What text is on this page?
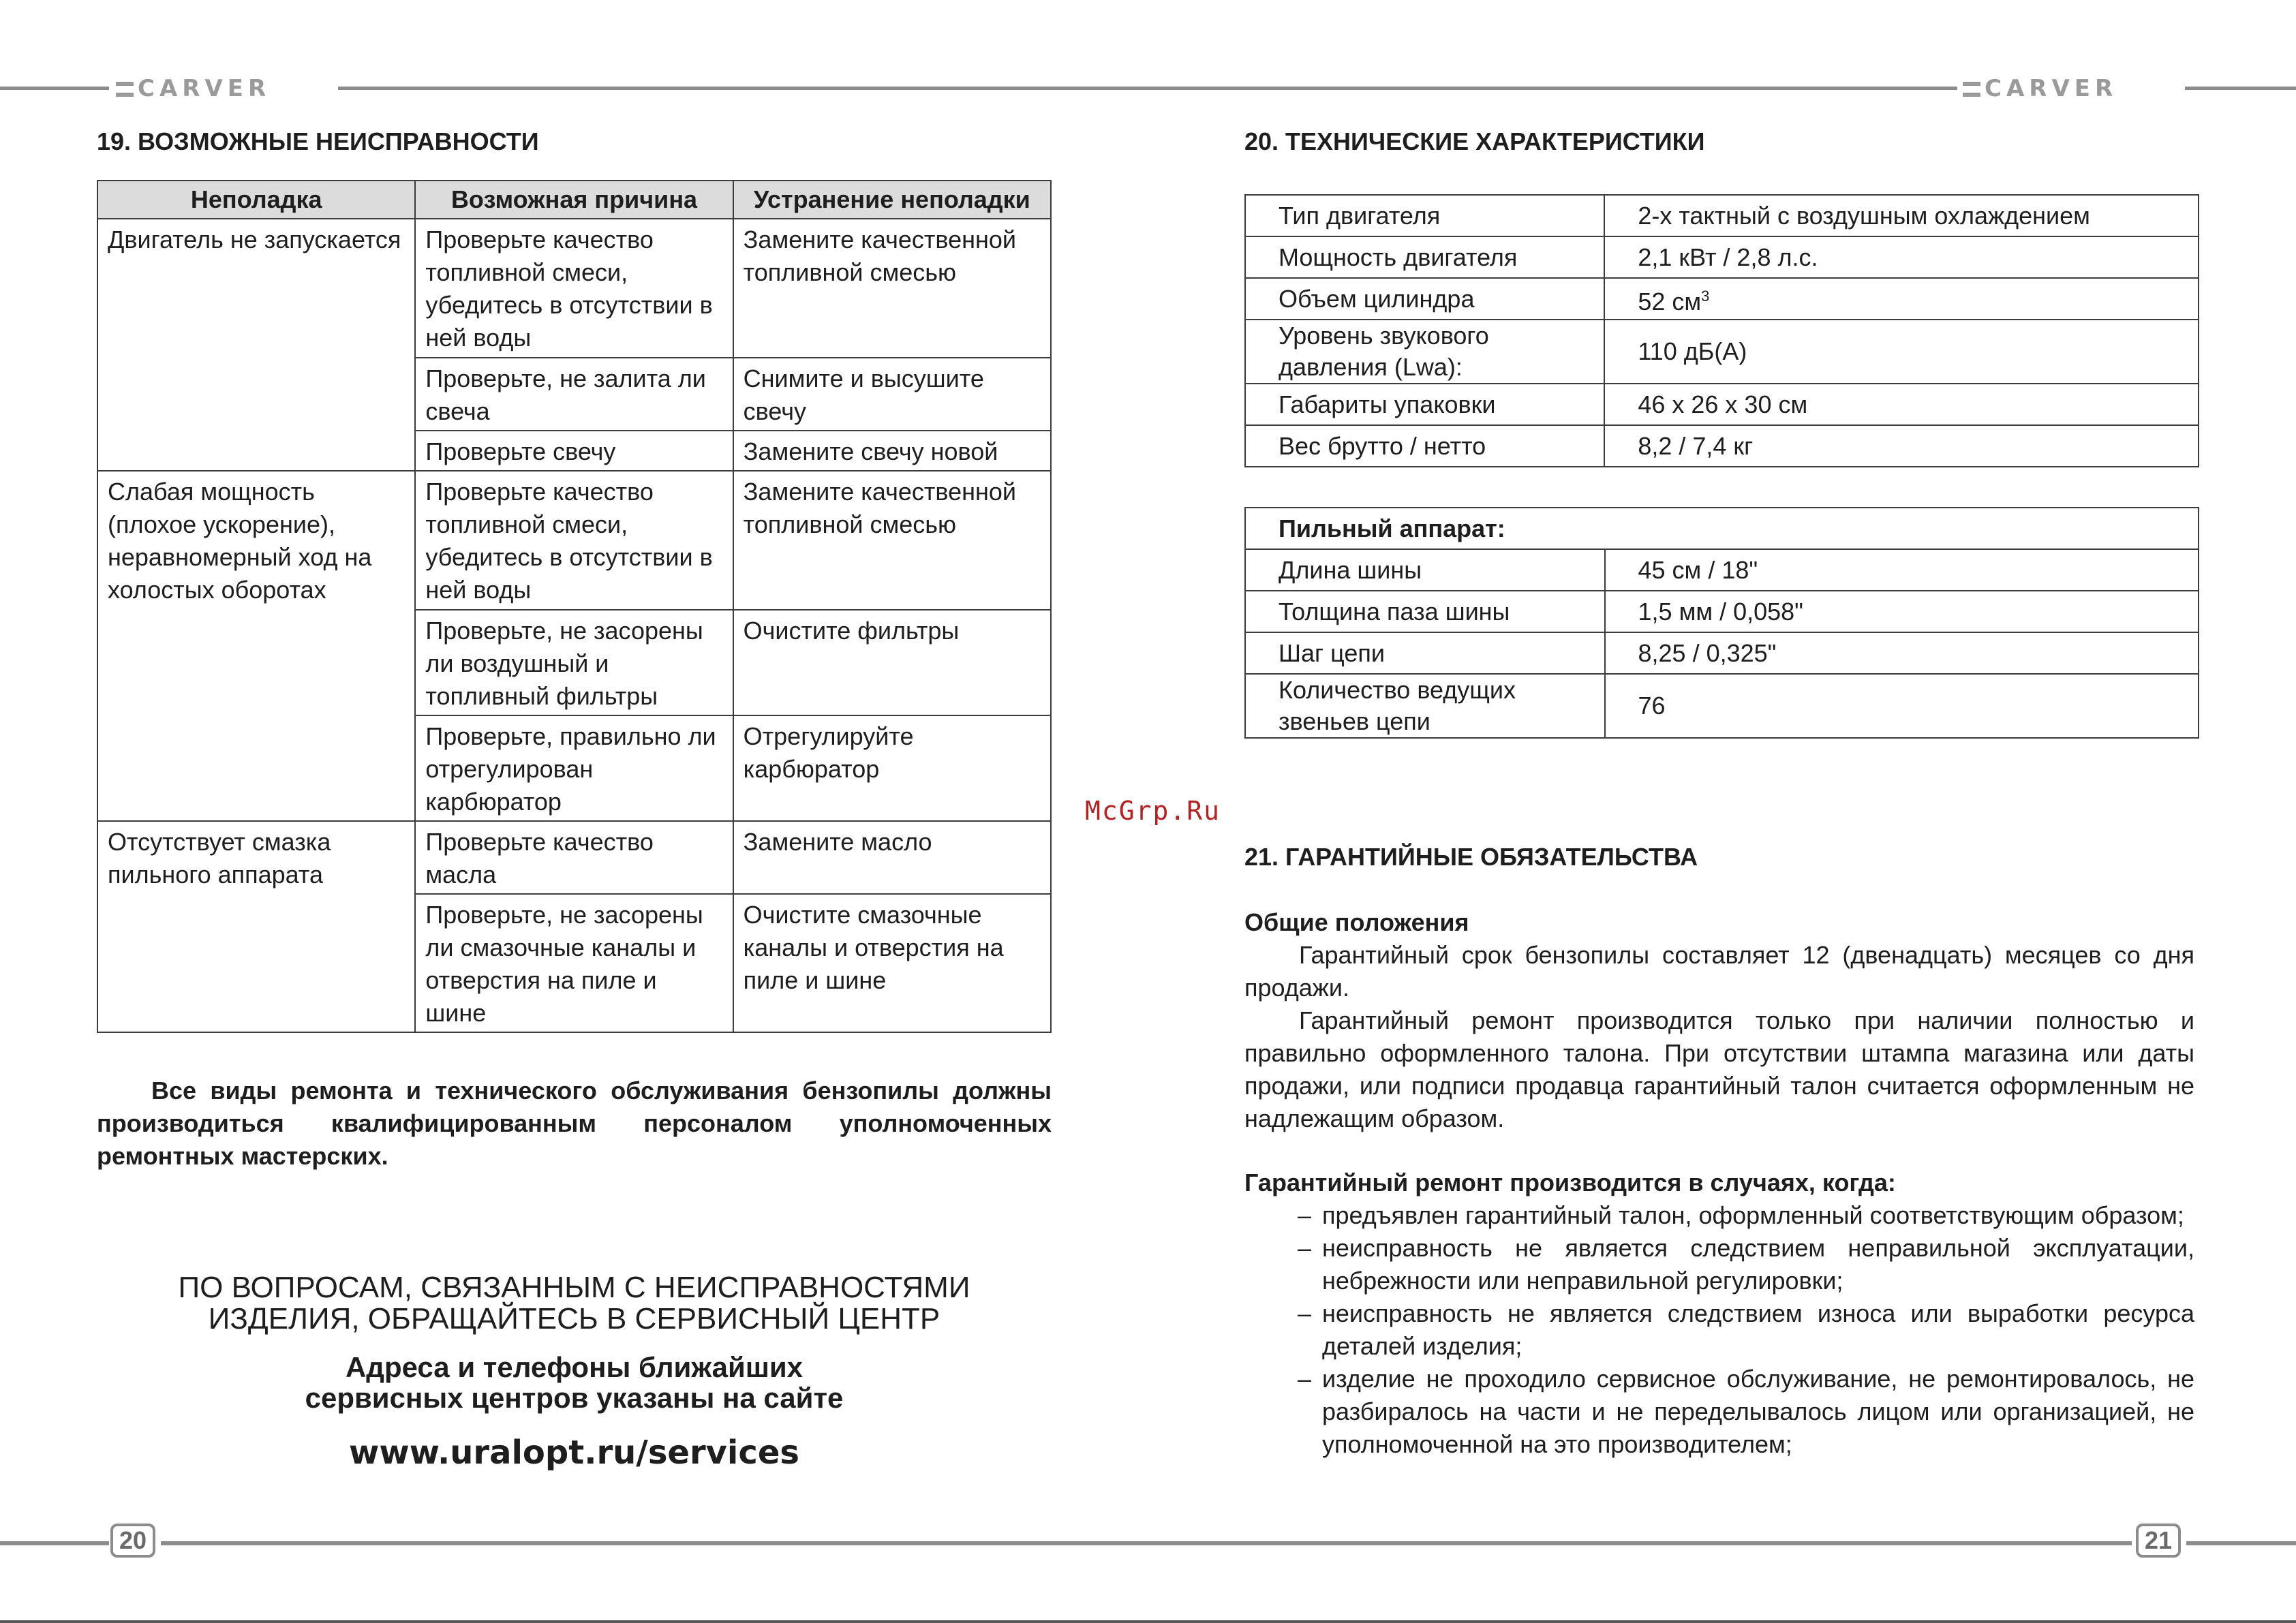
CARVER	CARVER
19. ВОЗМОЖНЫЕ НЕИСПРАВНОСТИ
Неполадка	Возможная причина	Устранение неполадки
Двигатель не запускается	Проверьте качество топливной смеси, убедитесь в отсутствии в ней воды	Замените качественной топливной смесью
	Проверьте, не залита ли свеча	Снимите и высушите свечу
	Проверьте свечу	Замените свечу новой
Слабая мощность (плохое ускорение), неравномерный ход на холостых оборотах	Проверьте качество топливной смеси, убедитесь в отсутствии в ней воды	Замените качественной топливной смесью
	Проверьте, не засорены ли воздушный и топливный фильтры	Очистите фильтры
	Проверьте, правильно ли отрегулирован карбюратор	Отрегулируйте карбюратор
Отсутствует смазка пильного аппарата	Проверьте качество масла	Замените масло
	Проверьте, не засорены ли смазочные каналы и отверстия на пиле и шине	Очистите смазочные каналы и отверстия на пиле и шине
Все виды ремонта и технического обслуживания бензопилы должны производиться квалифицированным персоналом уполномоченных ремонтных мастерских.
ПО ВОПРОСАМ, СВЯЗАННЫМ С НЕИСПРАВНОСТЯМИ
ИЗДЕЛИЯ, ОБРАЩАЙТЕСЬ В СЕРВИСНЫЙ ЦЕНТР
Адреса и телефоны ближайших
сервисных центров указаны на сайте
www.uralopt.ru/services
McGrp.Ru
20. ТЕХНИЧЕСКИЕ ХАРАКТЕРИСТИКИ
Тип двигателя	2-х тактный с воздушным охлаждением
Мощность двигателя	2,1 кВт / 2,8 л.с.
Объем цилиндра	52 $см^3$
Уровень звукового давления (Lwa):	110 дБ(А)
Габариты упаковки	46 x 26 x 30 см
Вес брутто / нетто	8,2 / 7,4 кг
Пильный аппарат:	
Длина шины	45 см / 18"
Толщина паза шины	1,5 мм / 0,058"
Шаг цепи	8,25 / 0,325"
Количество ведущих звеньев цепи	76
21. ГАРАНТИЙНЫЕ ОБЯЗАТЕЛЬСТВА
Общие положения
Гарантийный срок бензопилы составляет 12 (двенадцать) месяцев со дня продажи.
Гарантийный ремонт производится только при наличии полностью и правильно оформленного талона. При отсутствии штампа магазина или даты продажи, или подписи продавца гарантийный талон считается оформленным не надлежащим образом.
Гарантийный ремонт производится в случаях, когда:
– предъявлен гарантийный талон, оформленный соответствующим образом;
– неисправность не является следствием неправильной эксплуатации, небрежности или неправильной регулировки;
– неисправность не является следствием износа или выработки ресурса деталей изделия;
– изделие не проходило сервисное обслуживание, не ремонтировалось, не разбиралось на части и не переделывалось лицом или организацией, не уполномоченной на это производителем;
20	21
